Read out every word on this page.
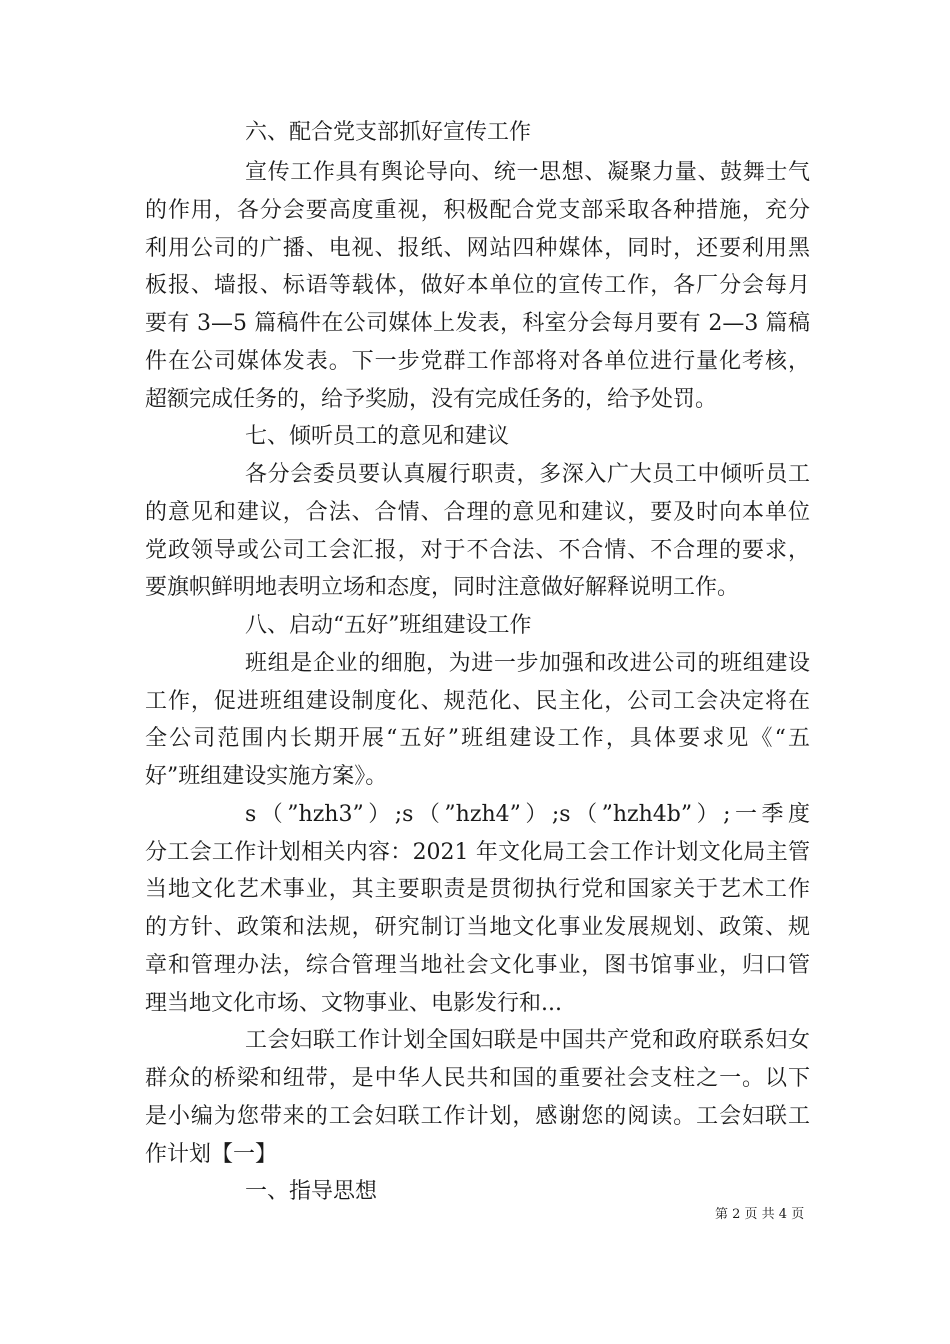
六、配合党支部抓好宣传工作
宣传工作具有舆论导向、统一思想、凝聚力量、鼓舞士气
的作用，各分会要高度重视，积极配合党支部采取各种措施，充分
利用公司的广播、电视、报纸、网站四种媒体，同时，还要利用黑
板报、墙报、标语等载体，做好本单位的宣传工作，各厂分会每月
要有 3—5 篇稿件在公司媒体上发表，科室分会每月要有 2—3 篇稿
件在公司媒体发表。下一步党群工作部将对各单位进行量化考核，
超额完成任务的，给予奖励，没有完成任务的，给予处罚。
七、倾听员工的意见和建议
各分会委员要认真履行职责，多深入广大员工中倾听员工
的意见和建议，合法、合情、合理的意见和建议，要及时向本单位
党政领导或公司工会汇报，对于不合法、不合情、不合理的要求，
要旗帜鲜明地表明立场和态度，同时注意做好解释说明工作。
八、启动“五好”班组建设工作
班组是企业的细胞，为进一步加强和改进公司的班组建设
工作，促进班组建设制度化、规范化、民主化，公司工会决定将在
全公司范围内长期开展“五好”班组建设工作，具体要求见《“五
好”班组建设实施方案》。
s（”hzh3”）;s（”hzh4”）;s（”hzh4b”）;一季度
分工会工作计划相关内容：2021 年文化局工会工作计划文化局主管
当地文化艺术事业，其主要职责是贯彻执行党和国家关于艺术工作
的方针、政策和法规，研究制订当地文化事业发展规划、政策、规
章和管理办法，综合管理当地社会文化事业，图书馆事业，归口管
理当地文化市场、文物事业、电影发行和...
工会妇联工作计划全国妇联是中国共产党和政府联系妇女
群众的桥梁和纽带，是中华人民共和国的重要社会支柱之一。以下
是小编为您带来的工会妇联工作计划，感谢您的阅读。工会妇联工
作计划【一】
一、指导思想
第 2 页 共 4 页
